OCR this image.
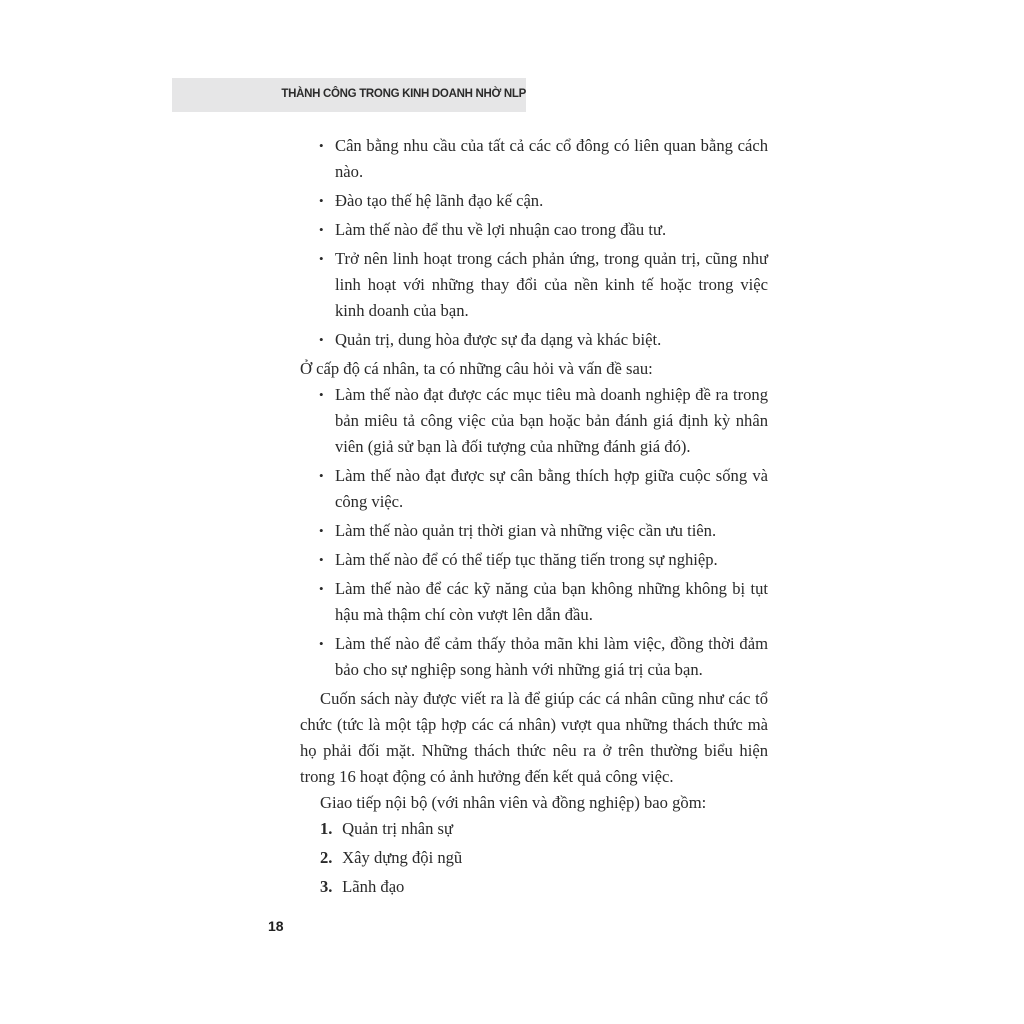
THÀNH CÔNG TRONG KINH DOANH NHỜ NLP
• Cân bằng nhu cầu của tất cả các cổ đông có liên quan bằng cách nào.
• Đào tạo thế hệ lãnh đạo kế cận.
• Làm thế nào để thu về lợi nhuận cao trong đầu tư.
• Trở nên linh hoạt trong cách phản ứng, trong quản trị, cũng như linh hoạt với những thay đổi của nền kinh tế hoặc trong việc kinh doanh của bạn.
• Quản trị, dung hòa được sự đa dạng và khác biệt.

Ở cấp độ cá nhân, ta có những câu hỏi và vấn đề sau:

• Làm thế nào đạt được các mục tiêu mà doanh nghiệp đề ra trong bản miêu tả công việc của bạn hoặc bản đánh giá định kỳ nhân viên (giả sử bạn là đối tượng của những đánh giá đó).
• Làm thế nào đạt được sự cân bằng thích hợp giữa cuộc sống và công việc.
• Làm thế nào quản trị thời gian và những việc cần ưu tiên.
• Làm thế nào để có thể tiếp tục thăng tiến trong sự nghiệp.
• Làm thế nào để các kỹ năng của bạn không những không bị tụt hậu mà thậm chí còn vượt lên dẫn đầu.
• Làm thế nào để cảm thấy thỏa mãn khi làm việc, đồng thời đảm bảo cho sự nghiệp song hành với những giá trị của bạn.

Cuốn sách này được viết ra là để giúp các cá nhân cũng như các tổ chức (tức là một tập hợp các cá nhân) vượt qua những thách thức mà họ phải đối mặt. Những thách thức nêu ra ở trên thường biểu hiện trong 16 hoạt động có ảnh hưởng đến kết quả công việc.

Giao tiếp nội bộ (với nhân viên và đồng nghiệp) bao gồm:

1. Quản trị nhân sự
2. Xây dựng đội ngũ
3. Lãnh đạo
18
